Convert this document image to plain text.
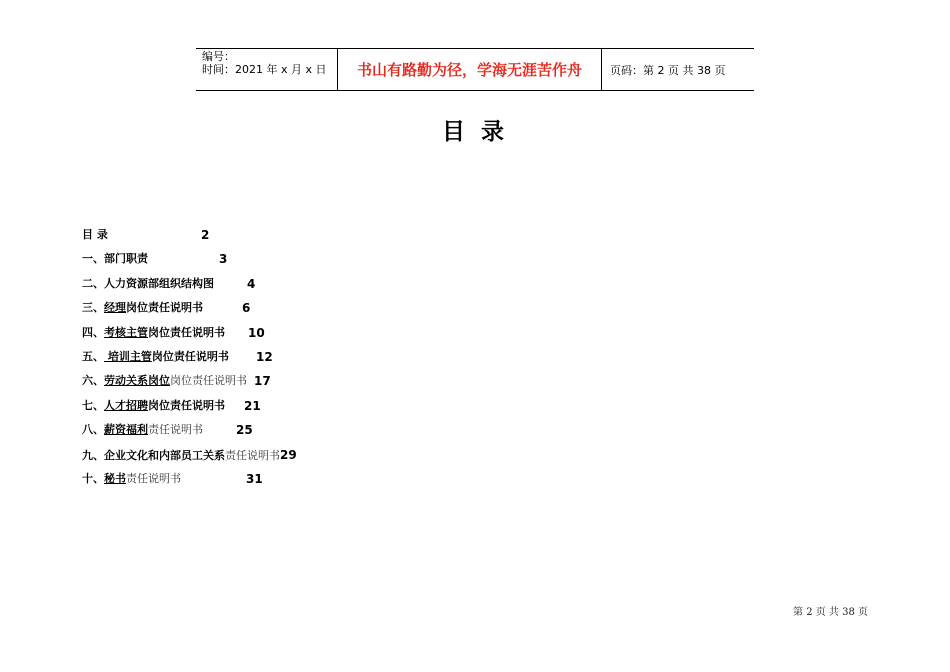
编号：
时间：2021 年 x 月 x 日	书山有路勤为径，学海无涯苦作舟	页码：第 2 页 共 38 页
目 录
目 录	2
一、部门职责	3
二、人力资源部组织结构图	4
三、经理岗位责任说明书	6
四、考核主管岗位责任说明书 10
五、 培训主管岗位责任说明书 12
六、劳动关系岗位岗位责任说明书 17
七、人才招聘岗位责任说明书 21
八、薪资福利责任说明书	25
九、企业文化和内部员工关系责任说明书29
十、秘书责任说明书	31
第 2 页 共 38 页
